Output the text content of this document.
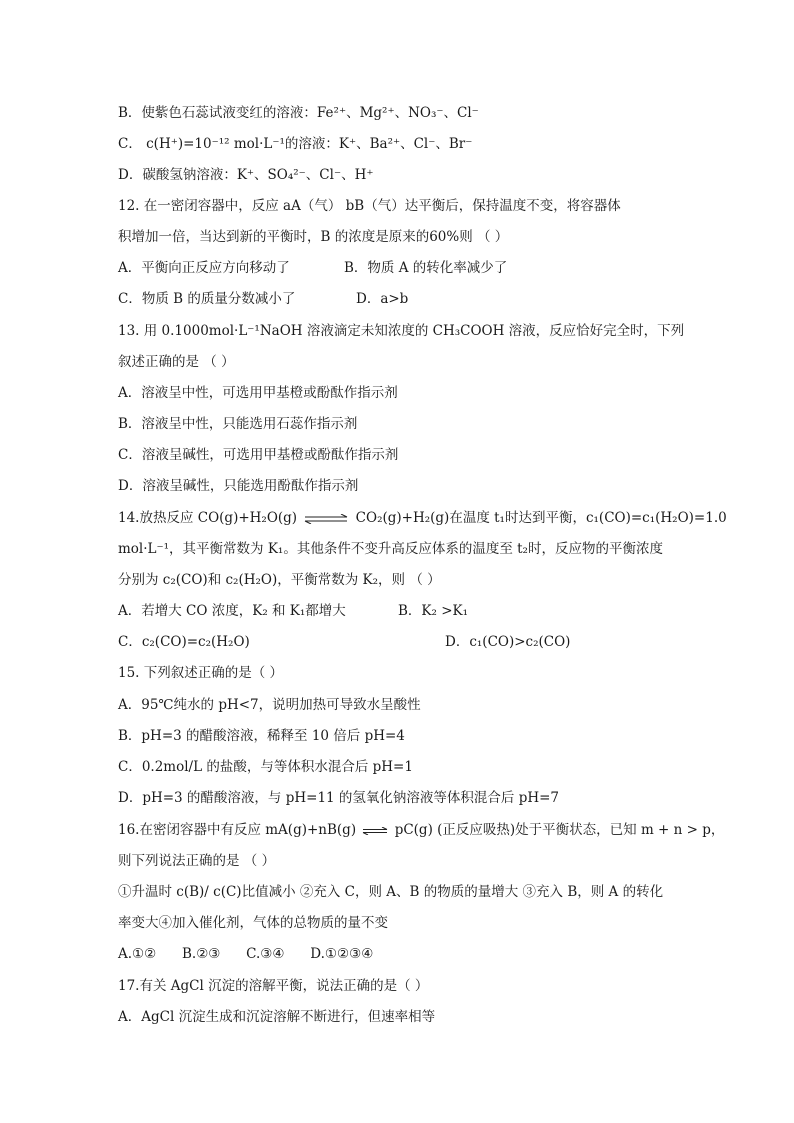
B．使紫色石蕊试液变红的溶液：Fe²⁺、Mg²⁺、NO₃⁻、Cl⁻
C． c(H⁺)=10⁻¹² mol·L⁻¹的溶液：K⁺、Ba²⁺、Cl⁻、Br⁻
D．碳酸氢钠溶液：K⁺、SO₄²⁻、Cl⁻、H⁺
12. 在一密闭容器中，反应 aA（气） bB（气）达平衡后，保持温度不变，将容器体
积增加一倍，当达到新的平衡时，B 的浓度是原来的60%则 （ ）
A．平衡向正反应方向移动了	B．物质 A 的转化率减少了
C．物质 B 的质量分数减小了	D．a>b
13. 用 0.1000mol·L⁻¹NaOH 溶液滴定未知浓度的 CH₃COOH 溶液，反应恰好完全时，下列
叙述正确的是 （ ）
A．溶液呈中性，可选用甲基橙或酚酞作指示剂
B．溶液呈中性，只能选用石蕊作指示剂
C．溶液呈碱性，可选用甲基橙或酚酞作指示剂
D．溶液呈碱性，只能选用酚酞作指示剂
14.放热反应 CO(g)+H₂O(g) ⇌ CO₂(g)+H₂(g)在温度 t₁时达到平衡，c₁(CO)=c₁(H₂O)=1.0
mol·L⁻¹，其平衡常数为 K₁。其他条件不变升高反应体系的温度至 t₂时，反应物的平衡浓度
分别为 c₂(CO)和 c₂(H₂O)，平衡常数为 K₂，则 （ ）
A．若增大 CO 浓度，K₂ 和 K₁都增大	B．K₂ >K₁
C．c₂(CO)=c₂(H₂O)	D．c₁(CO)>c₂(CO)
15. 下列叙述正确的是（ ）
A．95℃纯水的 pH<7，说明加热可导致水呈酸性
B．pH=3 的醋酸溶液，稀释至 10 倍后 pH=4
C．0.2mol/L 的盐酸，与等体积水混合后 pH=1
D．pH=3 的醋酸溶液，与 pH=11 的氢氧化钠溶液等体积混合后 pH=7
16.在密闭容器中有反应 mA(g)+nB(g) ⇌ pC(g) (正反应吸热)处于平衡状态，已知 m + n > p，
则下列说法正确的是 （ ）
①升温时 c(B)/ c(C)比值减小 ②充入 C，则 A、B 的物质的量增大 ③充入 B，则 A 的转化
率变大④加入催化剂，气体的总物质的量不变
A.①②      B.②③      C.③④      D.①②③④
17.有关 AgCl 沉淀的溶解平衡，说法正确的是（ ）
A．AgCl 沉淀生成和沉淀溶解不断进行，但速率相等
